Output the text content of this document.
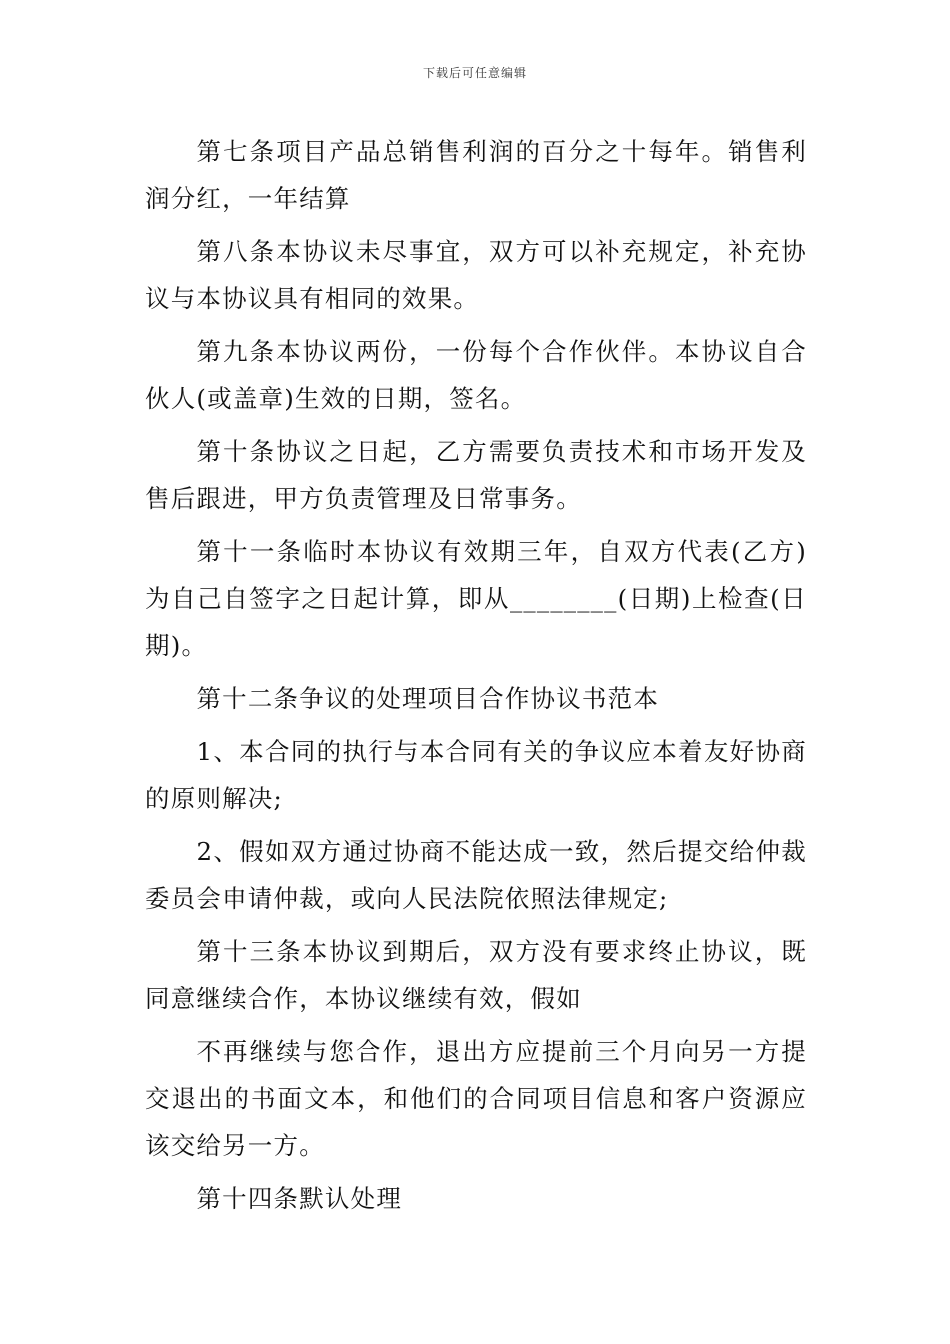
下载后可任意编辑

第七条项目产品总销售利润的百分之十每年。销售利润分红，一年结算

第八条本协议未尽事宜，双方可以补充规定，补充协议与本协议具有相同的效果。

第九条本协议两份，一份每个合作伙伴。本协议自合伙人(或盖章)生效的日期，签名。

第十条协议之日起，乙方需要负责技术和市场开发及售后跟进，甲方负责管理及日常事务。

第十一条临时本协议有效期三年，自双方代表(乙方)为自己自签字之日起计算，即从________(日期)上检查(日期)。

第十二条争议的处理项目合作协议书范本

1、本合同的执行与本合同有关的争议应本着友好协商的原则解决;

2、假如双方通过协商不能达成一致，然后提交给仲裁委员会申请仲裁，或向人民法院依照法律规定;

第十三条本协议到期后，双方没有要求终止协议，既同意继续合作，本协议继续有效，假如

不再继续与您合作，退出方应提前三个月向另一方提交退出的书面文本，和他们的合同项目信息和客户资源应该交给另一方。

第十四条默认处理
